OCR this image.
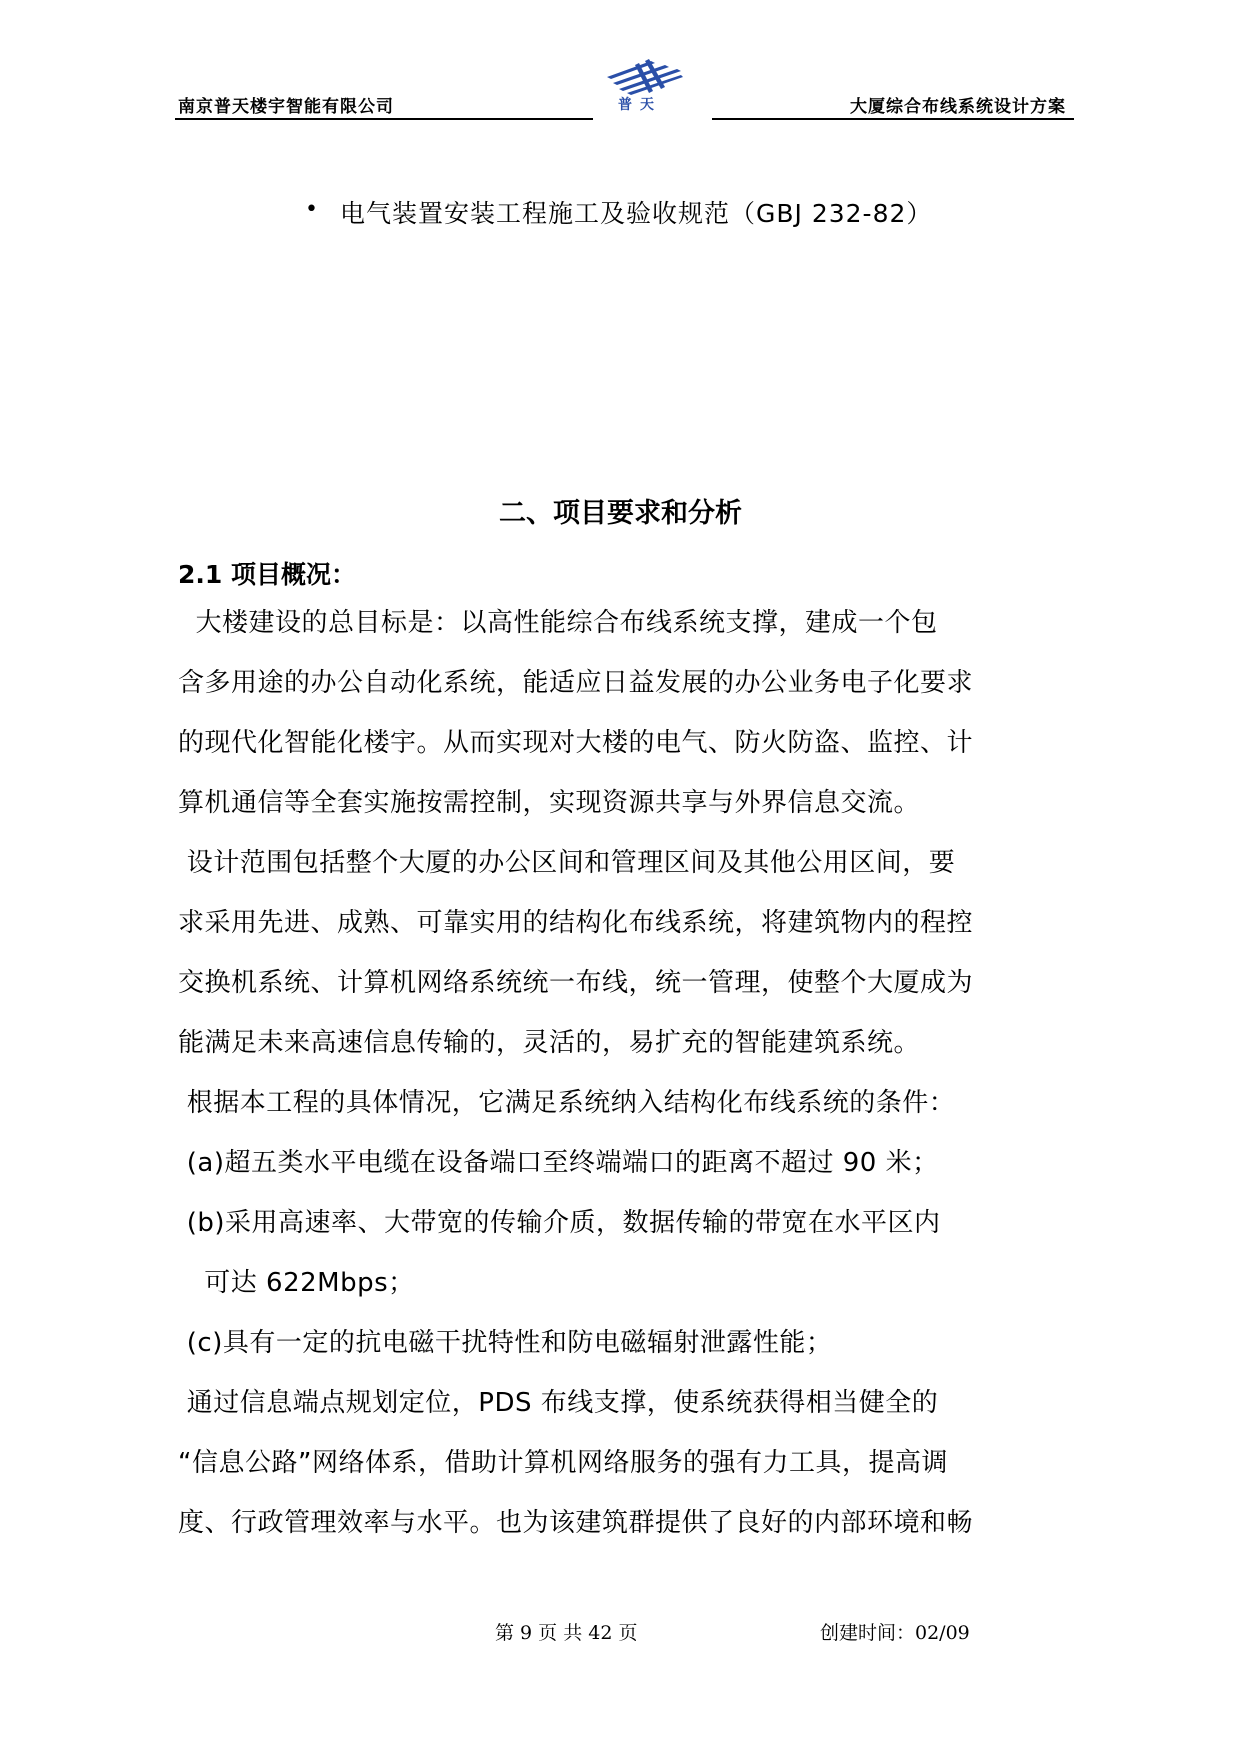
南京普天楼宇智能有限公司	普天	大厦综合布线系统设计方案
• 电气装置安装工程施工及验收规范（GBJ 232-82）
二、项目要求和分析
2.1 项目概况：
大楼建设的总目标是：以高性能综合布线系统支撑，建成一个包
含多用途的办公自动化系统，能适应日益发展的办公业务电子化要求
的现代化智能化楼宇。从而实现对大楼的电气、防火防盗、监控、计
算机通信等全套实施按需控制，实现资源共享与外界信息交流。
设计范围包括整个大厦的办公区间和管理区间及其他公用区间，要
求采用先进、成熟、可靠实用的结构化布线系统，将建筑物内的程控
交换机系统、计算机网络系统统一布线，统一管理，使整个大厦成为
能满足未来高速信息传输的，灵活的，易扩充的智能建筑系统。
根据本工程的具体情况，它满足系统纳入结构化布线系统的条件：
(a)超五类水平电缆在设备端口至终端端口的距离不超过 90 米；
(b)采用高速率、大带宽的传输介质，数据传输的带宽在水平区内
可达 622Mbps；
(c)具有一定的抗电磁干扰特性和防电磁辐射泄露性能；
通过信息端点规划定位，PDS 布线支撑，使系统获得相当健全的
“信息公路”网络体系，借助计算机网络服务的强有力工具，提高调
度、行政管理效率与水平。也为该建筑群提供了良好的内部环境和畅
第 9 页 共 42 页	创建时间：02/09
